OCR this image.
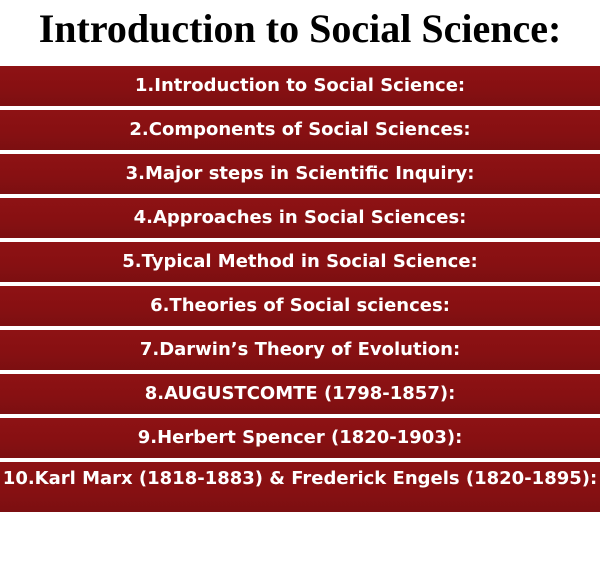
Introduction to Social Science:
1.Introduction to Social Science:
2.Components of Social Sciences:
3.Major steps in Scientific Inquiry:
4.Approaches in Social Sciences:
5.Typical Method in Social Science:
6.Theories of Social sciences:
7.Darwin’s Theory of Evolution:
8.AUGUSTCOMTE (1798-1857):
9.Herbert Spencer (1820-1903):
10.Karl Marx (1818-1883) & Frederick Engels (1820-1895):
